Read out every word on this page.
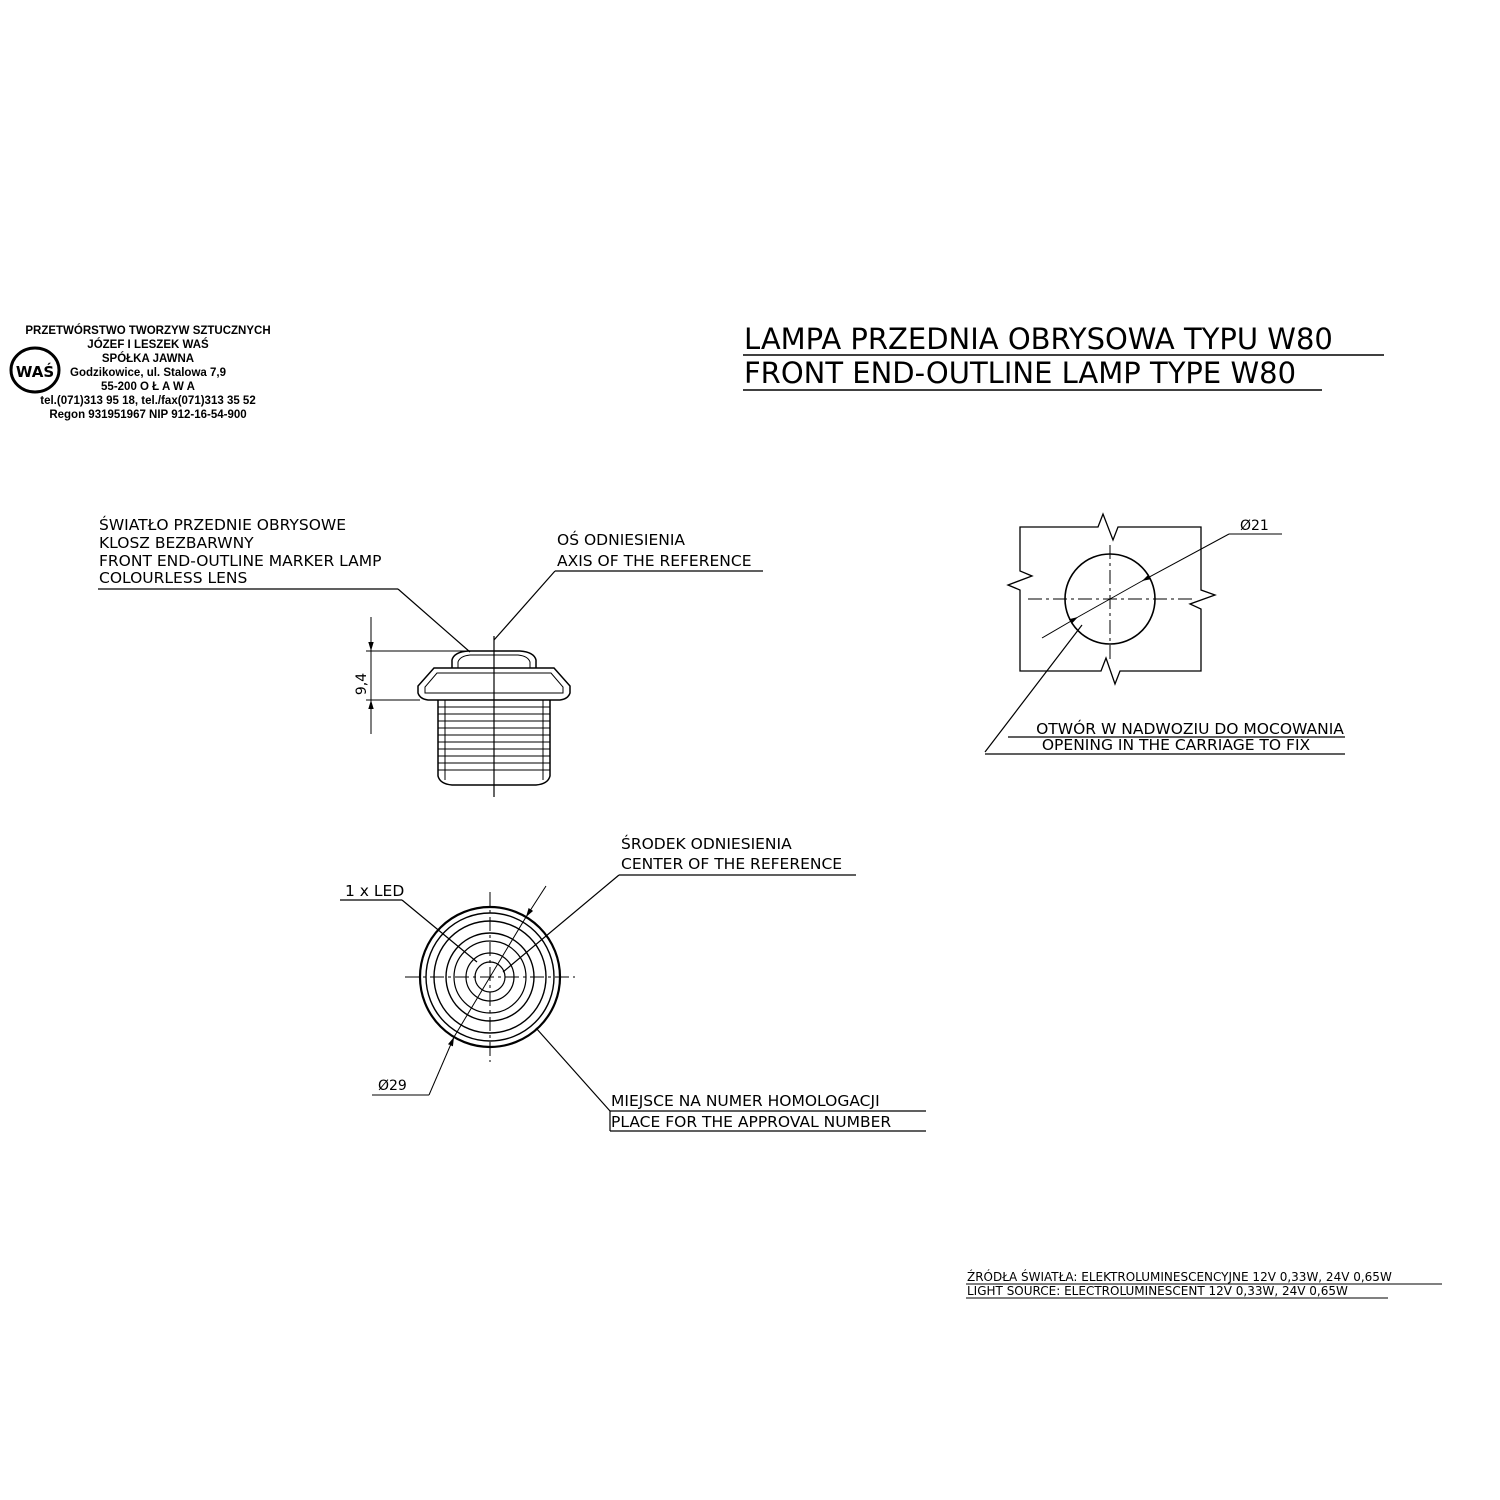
WAŚ
PRZETWÓRSTWO TWORZYW SZTUCZNYCH
JÓZEF I LESZEK WAŚ
SPÓŁKA JAWNA
Godzikowice, ul. Stalowa 7,9
55-200 O Ł A W A
tel.(071)313 95 18, tel./fax(071)313 35 52
Regon 931951967 NIP 912-16-54-900
LAMPA PRZEDNIA OBRYSOWA TYPU W80
FRONT END-OUTLINE LAMP TYPE W80
ŚWIATŁO PRZEDNIE OBRYSOWE
KLOSZ BEZBARWNY
FRONT END-OUTLINE MARKER LAMP
COLOURLESS LENS
OŚ ODNIESIENIA
AXIS OF THE REFERENCE
9,4
Ø21
OTWÓR W NADWOZIU DO MOCOWANIA
OPENING IN THE CARRIAGE TO FIX
ŚRODEK ODNIESIENIA
CENTER OF THE REFERENCE
1 x LED
Ø29
MIEJSCE NA NUMER HOMOLOGACJI
PLACE FOR THE APPROVAL NUMBER
ŹRÓDŁA ŚWIATŁA: ELEKTROLUMINESCENCYJNE 12V 0,33W, 24V 0,65W
LIGHT SOURCE: ELECTROLUMINESCENT 12V 0,33W, 24V 0,65W
